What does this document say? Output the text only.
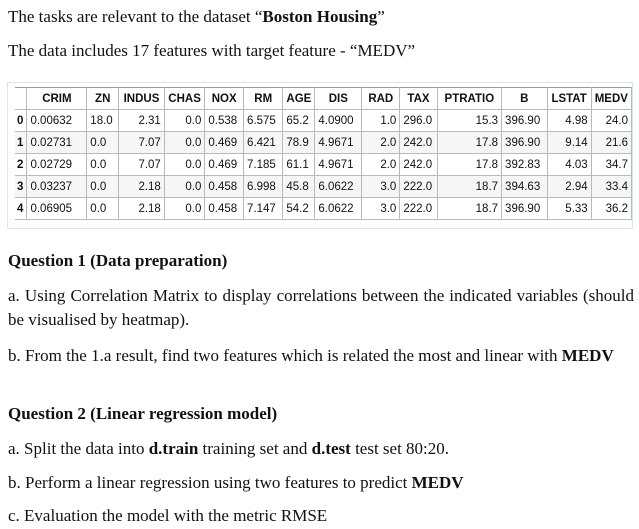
The tasks are relevant to the dataset “Boston Housing”
The data includes 17 features with target feature - “MEDV”
	CRIM	ZN	INDUS	CHAS	NOX	RM	AGE	DIS	RAD	TAX	PTRATIO	B	LSTAT	MEDV
0	0.00632	18.0	2.31	0.0	0.538	6.575	65.2	4.0900	1.0	296.0	15.3	396.90	4.98	24.0
1	0.02731	0.0	7.07	0.0	0.469	6.421	78.9	4.9671	2.0	242.0	17.8	396.90	9.14	21.6
2	0.02729	0.0	7.07	0.0	0.469	7.185	61.1	4.9671	2.0	242.0	17.8	392.83	4.03	34.7
3	0.03237	0.0	2.18	0.0	0.458	6.998	45.8	6.0622	3.0	222.0	18.7	394.63	2.94	33.4
4	0.06905	0.0	2.18	0.0	0.458	7.147	54.2	6.0622	3.0	222.0	18.7	396.90	5.33	36.2
Question 1 (Data preparation)
a. Using Correlation Matrix to display correlations between the indicated variables (should be visualised by heatmap).
b. From the 1.a result, find two features which is related the most and linear with MEDV
Question 2 (Linear regression model)
a. Split the data into d.train training set and d.test test set 80:20.
b. Perform a linear regression using two features to predict MEDV
c. Evaluation the model with the metric RMSE
